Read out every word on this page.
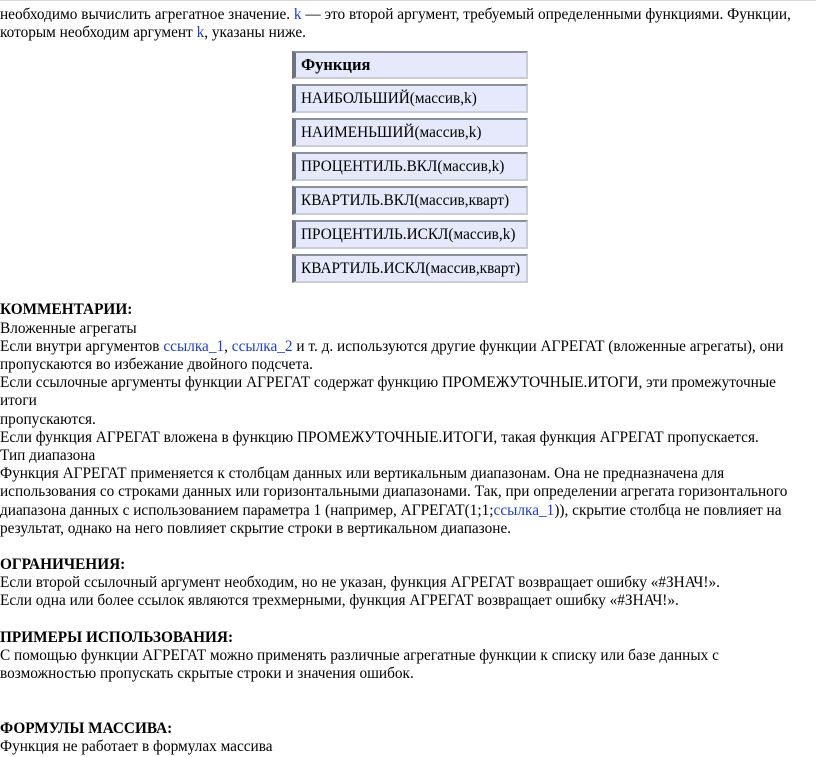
необходимо вычислить агрегатное значение. k — это второй аргумент, требуемый определенными функциями. Функции,

которым необходим аргумент k, указаны ниже.

Функция
НАИБОЛЬШИЙ(массив,k)
НАИМЕНЬШИЙ(массив,k)
ПРОЦЕНТИЛЬ.ВКЛ(массив,k)
КВАРТИЛЬ.ВКЛ(массив,кварт)
ПРОЦЕНТИЛЬ.ИСКЛ(массив,k)
КВАРТИЛЬ.ИСКЛ(массив,кварт)

КОММЕНТАРИИ:

Вложенные агрегаты

Если внутри аргументов ссылка_1, ссылка_2 и т. д. используются другие функции АГРЕГАТ (вложенные агрегаты), они

пропускаются во избежание двойного подсчета.

Если ссылочные аргументы функции АГРЕГАТ содержат функцию ПРОМЕЖУТОЧНЫЕ.ИТОГИ, эти промежуточные итоги

пропускаются.

Если функция АГРЕГАТ вложена в функцию ПРОМЕЖУТОЧНЫЕ.ИТОГИ, такая функция АГРЕГАТ пропускается.

Тип диапазона

Функция АГРЕГАТ применяется к столбцам данных или вертикальным диапазонам. Она не предназначена для

использования со строками данных или горизонтальными диапазонами. Так, при определении агрегата горизонтального

диапазона данных с использованием параметра 1 (например, АГРЕГАТ(1;1;ссылка_1)), скрытие столбца не повлияет на

результат, однако на него повлияет скрытие строки в вертикальном диапазоне.

ОГРАНИЧЕНИЯ:

Если второй ссылочный аргумент необходим, но не указан, функция АГРЕГАТ возвращает ошибку «#ЗНАЧ!».

Если одна или более ссылок являются трехмерными, функция АГРЕГАТ возвращает ошибку «#ЗНАЧ!».

ПРИМЕРЫ ИСПОЛЬЗОВАНИЯ:

С помощью функции АГРЕГАТ можно применять различные агрегатные функции к списку или базе данных с

возможностью пропускать скрытые строки и значения ошибок.

ФОРМУЛЫ МАССИВА:

Функция не работает в формулах массива
